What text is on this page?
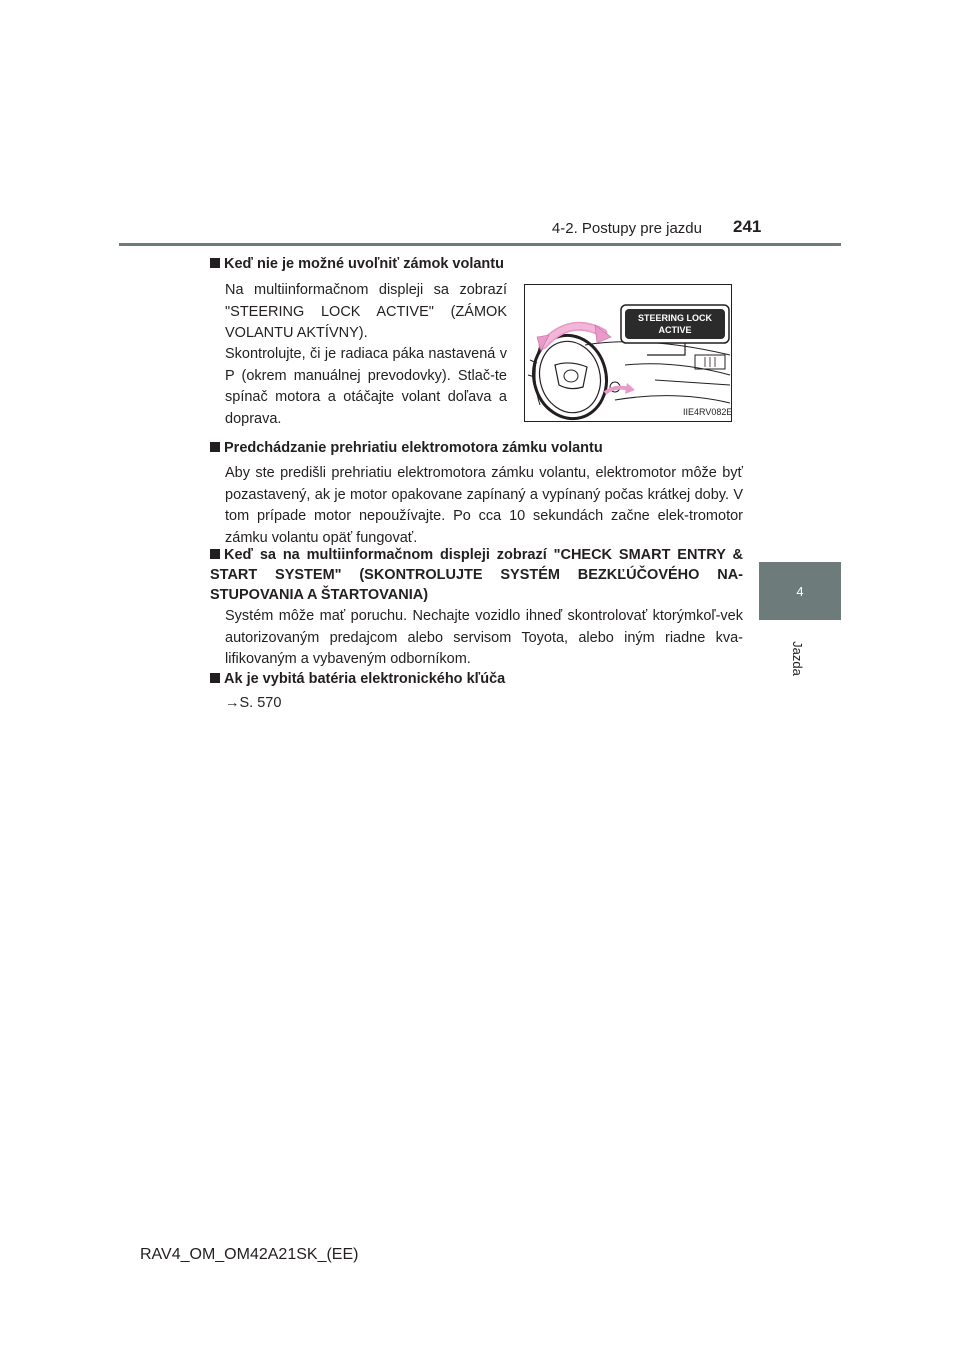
4-2. Postupy pre jazdu 241
4
Jazda
Keď nie je možné uvoľniť zámok volantu

Na multiinformačnom displeji sa zobrazí "STEERING LOCK ACTIVE" (ZÁMOK VOLANTU AKTÍVNY).

Skontrolujte, či je radiaca páka nastavená v P (okrem manuálnej prevodovky). Stlač-te spínač motora a otáčajte volant doľava a doprava.

STEERING LOCK
ACTIVE
IIE4RV082E
Predchádzanie prehriatiu elektromotora zámku volantu

Aby ste predišli prehriatiu elektromotora zámku volantu, elektromotor môže byť pozastavený, ak je motor opakovane zapínaný a vypínaný počas krátkej doby. V tom prípade motor nepoužívajte. Po cca 10 sekundách začne elek-tromotor zámku volantu opäť fungovať.

Keď sa na multiinformačnom displeji zobrazí "CHECK SMART ENTRY & START SYSTEM" (SKONTROLUJTE SYSTÉM BEZKĽÚČOVÉHO NA-STUPOVANIA A ŠTARTOVANIA)

Systém môže mať poruchu. Nechajte vozidlo ihneď skontrolovať ktorýmkoľ-vek autorizovaným predajcom alebo servisom Toyota, alebo iným riadne kva-lifikovaným a vybaveným odborníkom.

Ak je vybitá batéria elektronického kľúča

→S. 570

RAV4_OM_OM42A21SK_(EE)
